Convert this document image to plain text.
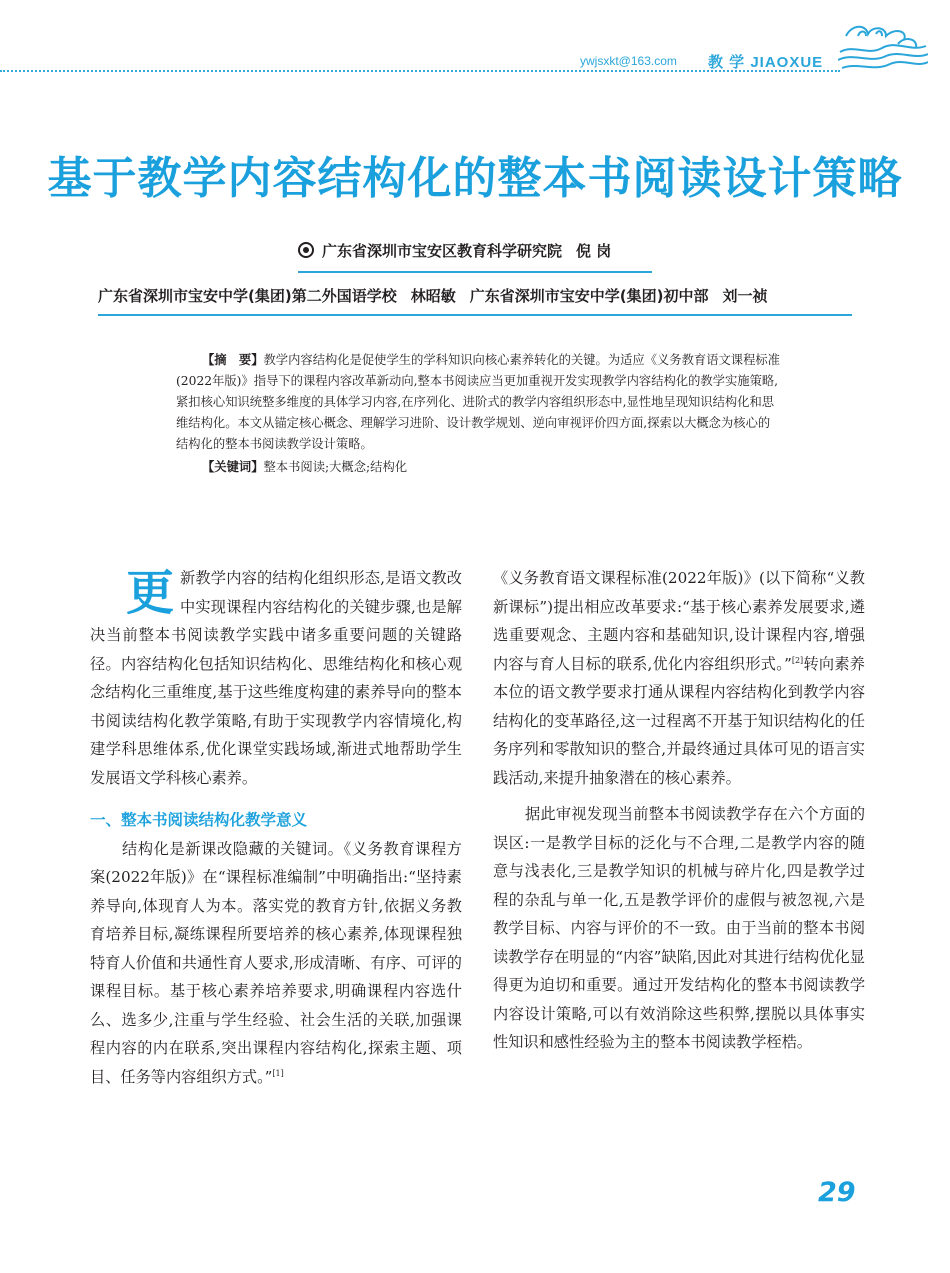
ywjsxkt@163.com 教 学 JIAOXUE
基于教学内容结构化的整本书阅读设计策略
广东省深圳市宝安区教育科学研究院 倪 岗
广东省深圳市宝安中学(集团)第二外国语学校 林昭敏 广东省深圳市宝安中学(集团)初中部 刘一祯

【摘　要】教学内容结构化是促使学生的学科知识向核心素养转化的关键。为适应《义务教育语文课程标准(2022年版)》指导下的课程内容改革新动向,整本书阅读应当更加重视开发实现教学内容结构化的教学实施策略,紧扣核心知识统整多维度的具体学习内容,在序列化、进阶式的教学内容组织形态中,显性地呈现知识结构化和思维结构化。本文从锚定核心概念、理解学习进阶、设计教学规划、逆向审视评价四方面,探索以大概念为核心的结构化的整本书阅读教学设计策略。

【关键词】整本书阅读;大概念;结构化

更新教学内容的结构化组织形态,是语文教改中实现课程内容结构化的关键步骤,也是解决当前整本书阅读教学实践中诸多重要问题的关键路径。内容结构化包括知识结构化、思维结构化和核心观念结构化三重维度,基于这些维度构建的素养导向的整本书阅读结构化教学策略,有助于实现教学内容情境化,构建学科思维体系,优化课堂实践场域,渐进式地帮助学生发展语文学科核心素养。

一、整本书阅读结构化教学意义

结构化是新课改隐藏的关键词。《义务教育课程方案(2022年版)》在“课程标准编制”中明确指出:“坚持素养导向,体现育人为本。落实党的教育方针,依据义务教育培养目标,凝练课程所要培养的核心素养,体现课程独特育人价值和共通性育人要求,形成清晰、有序、可评的课程目标。基于核心素养培养要求,明确课程内容选什么、选多少,注重与学生经验、社会生活的关联,加强课程内容的内在联系,突出课程内容结构化,探索主题、项目、任务等内容组织方式。”[1]

《义务教育语文课程标准(2022年版)》(以下简称“义教新课标”)提出相应改革要求:“基于核心素养发展要求,遴选重要观念、主题内容和基础知识,设计课程内容,增强内容与育人目标的联系,优化内容组织形式。”[2]转向素养本位的语文教学要求打通从课程内容结构化到教学内容结构化的变革路径,这一过程离不开基于知识结构化的任务序列和零散知识的整合,并最终通过具体可见的语言实践活动,来提升抽象潜在的核心素养。

据此审视发现当前整本书阅读教学存在六个方面的误区:一是教学目标的泛化与不合理,二是教学内容的随意与浅表化,三是教学知识的机械与碎片化,四是教学过程的杂乱与单一化,五是教学评价的虚假与被忽视,六是教学目标、内容与评价的不一致。由于当前的整本书阅读教学存在明显的“内容”缺陷,因此对其进行结构优化显得更为迫切和重要。通过开发结构化的整本书阅读教学内容设计策略,可以有效消除这些积弊,摆脱以具体事实性知识和感性经验为主的整本书阅读教学桎梏。

29
